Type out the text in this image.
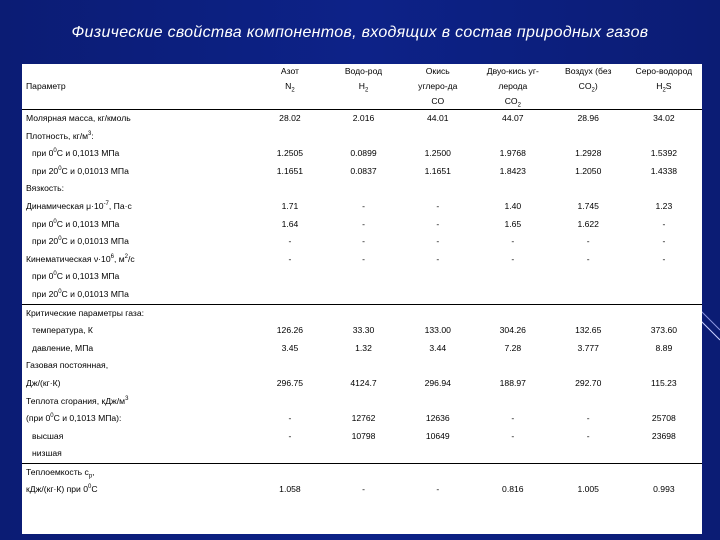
Физические свойства компонентов, входящих в состав природных газов
	Азот	Водо-род	Окись	Двуо-кись уг-	Воздух (без	Серо-водород
Параметр	$N_2$	$H_2$	углеро-да	лерода	$CO_2$)	$H_2S$
			CO	$CO_2$		
Молярная масса, кг/кмоль	28.02	2.016	44.01	44.07	28.96	34.02
Плотность, $кг/м^3$:						
при $0^0С$ и 0,1013 МПа	1.2505	0.0899	1.2500	1.9768	1.2928	1.5392
при $20^0С$ и 0,01013 МПа	1.1651	0.0837	1.1651	1.8423	1.2050	1.4338
Вязкость:						
Динамическая $\mu\cdot 10^{-7}$, Па·с	1.71	-	-	1.40	1.745	1.23
при $0^0С$ и 0,1013 МПа	1.64	-	-	1.65	1.622	-
при $20^0С$ и 0,01013 МПа	-	-	-	-	-	-
Кинематическая $\nu\cdot 10^6$, $м^2/с$	-	-	-	-	-	-
при $0^0С$ и 0,1013 МПа						
при $20^0С$ и 0,01013 МПа						
Критические параметры газа:						
температура, К	126.26	33.30	133.00	304.26	132.65	373.60
давление, МПа	3.45	1.32	3.44	7.28	3.777	8.89
Газовая постоянная,						
Дж/(кг·К)	296.75	4124.7	296.94	188.97	292.70	115.23
Теплота сгорания, кДж/$м^3$	
(при $0^0С$ и 0,1013 МПа):	-	12762	12636	-	-	25708
высшая	-	10798	10649	-	-	23698
низшая						
Теплоемкость $c_p$,						
кДж/(кг·К) при $0^0С$	1.058	-	-	0.816	1.005	0.993
